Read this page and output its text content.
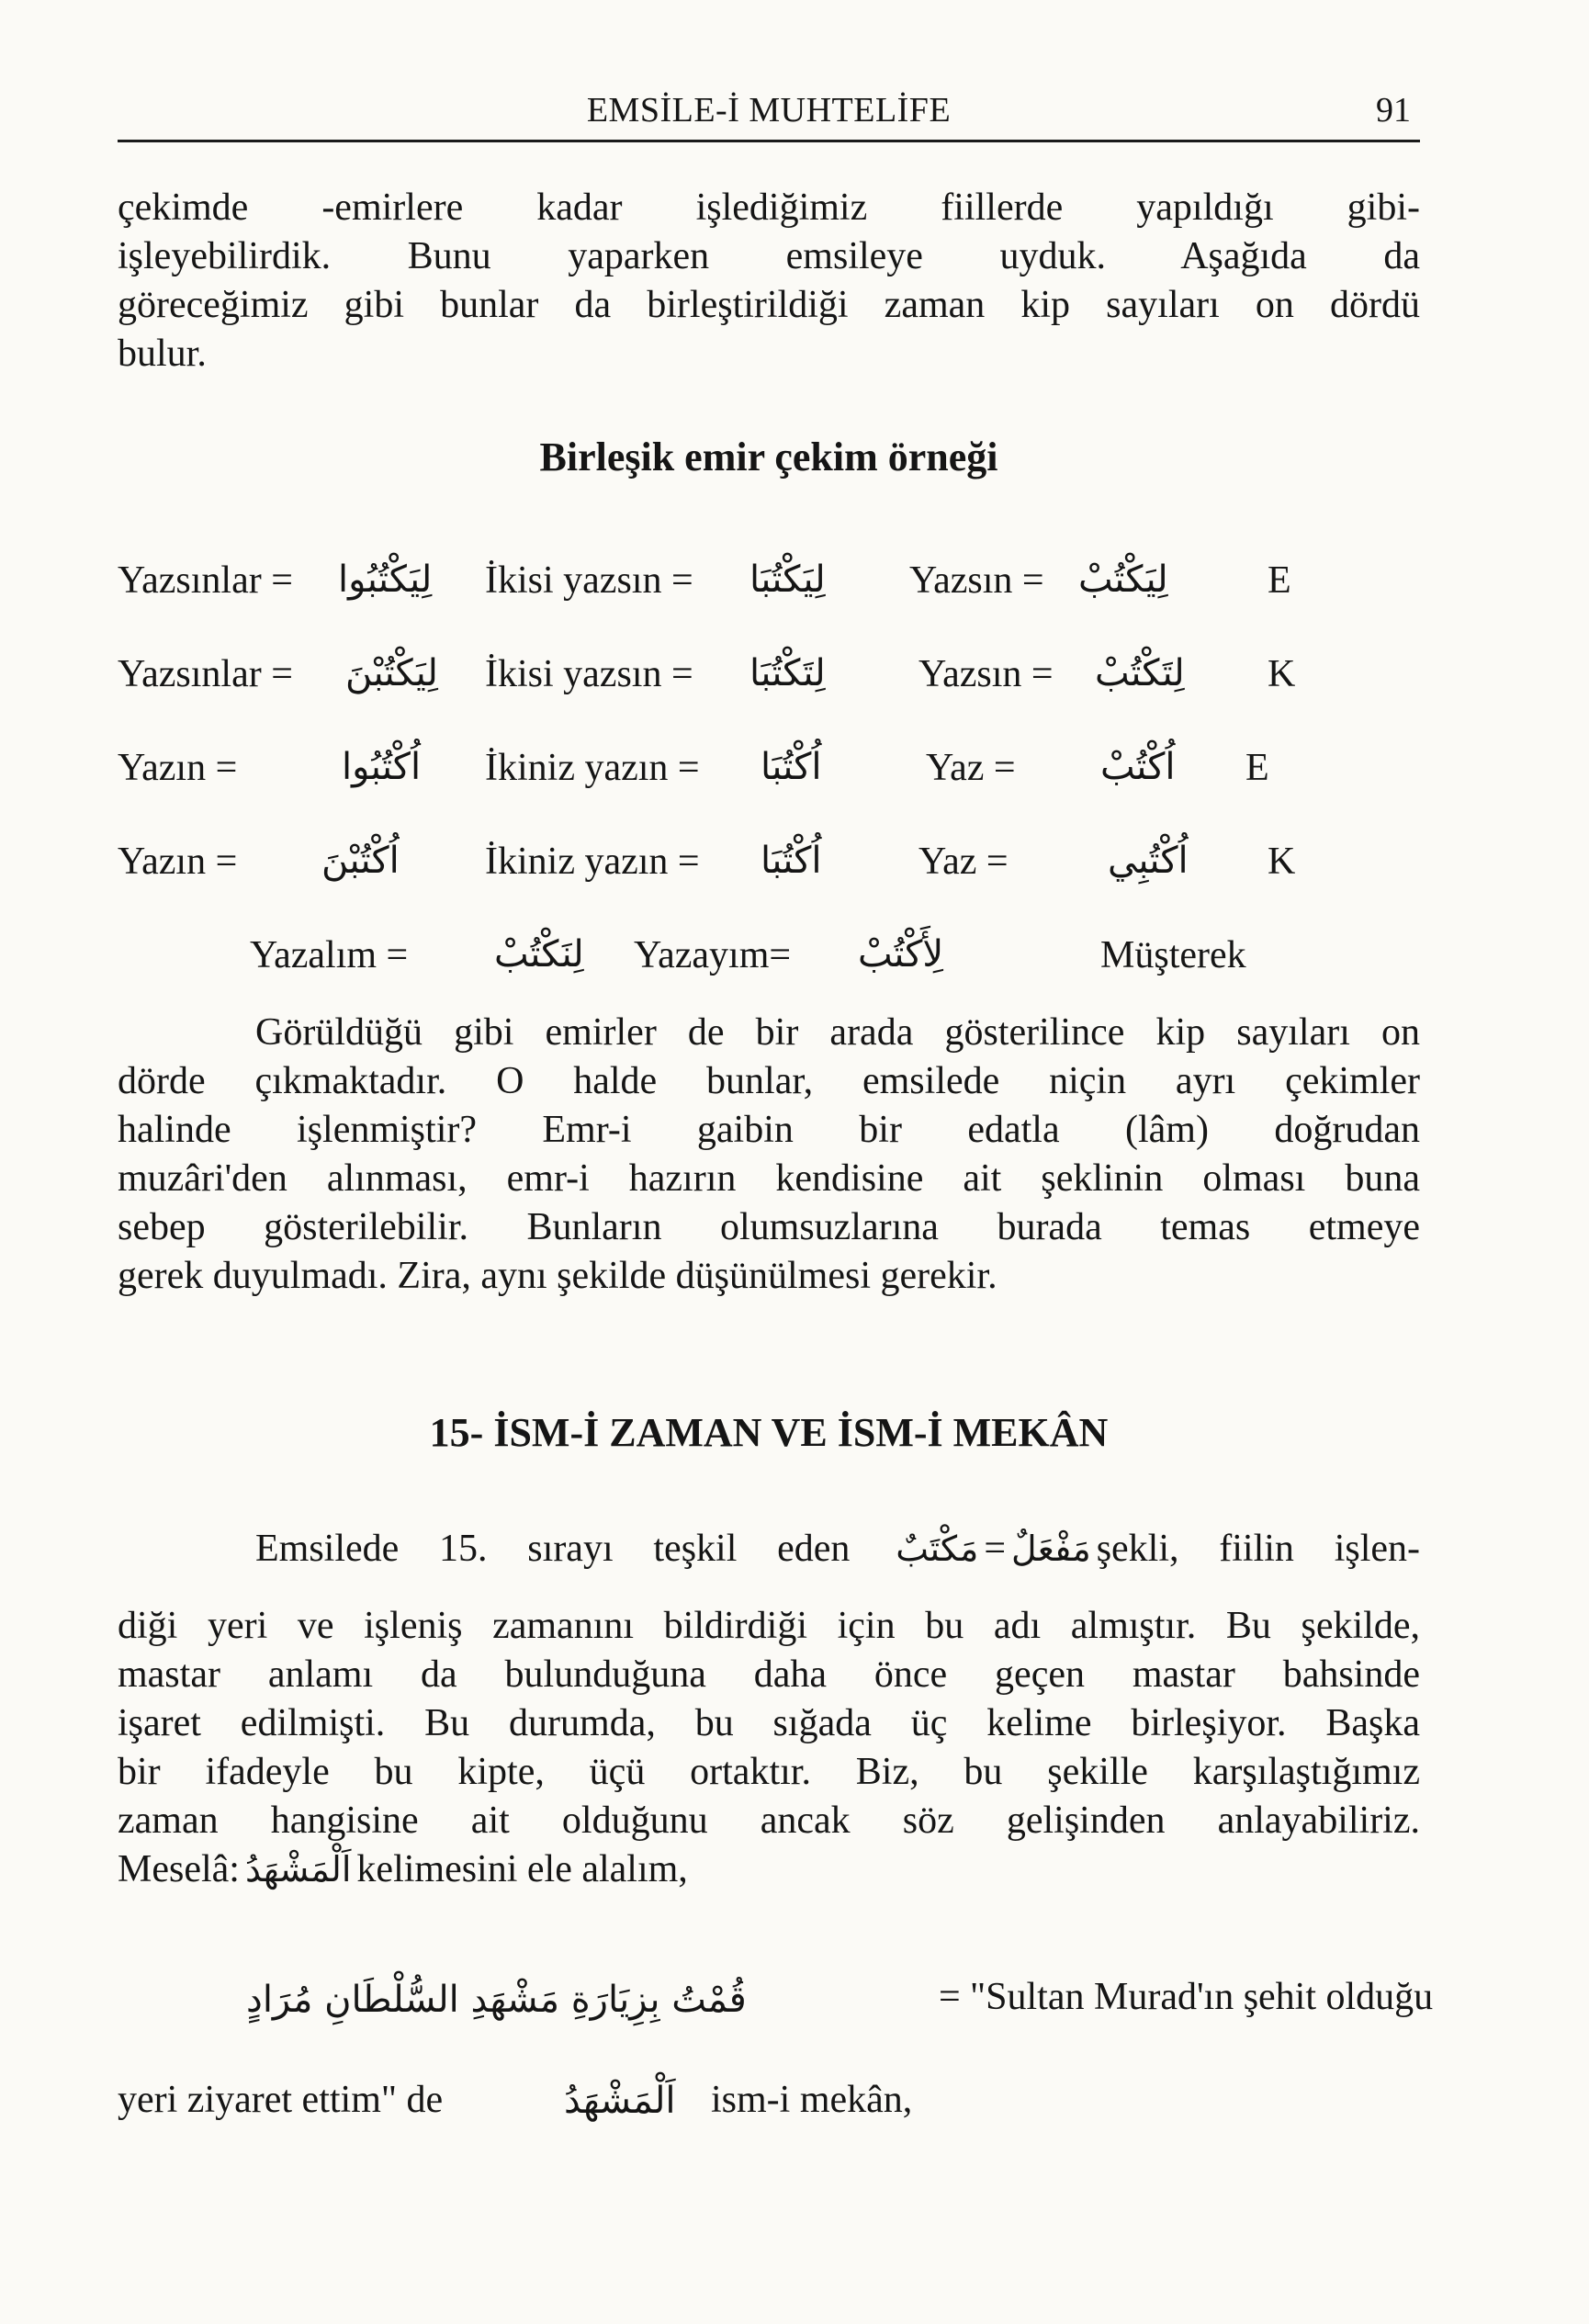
EMSİLE-İ MUHTELİFE	91
çekimde -emirlere kadar işlediğimiz fiillerde yapıldığı gibi-
işleyebilirdik. Bunu yaparken emsileye uyduk. Aşağıda da
göreceğimiz gibi bunlar da birleştirildiği zaman kip sayıları on dördü
bulur.
Birleşik emir çekim örneği
Yazsınlar = لِيَكْتُبُوا İkisi yazsın = لِيَكْتُبَا Yazsın = لِيَكْتُبْ	E
Yazsınlar = لِيَكْتُبْنَ İkisi yazsın = لِتَكْتُبَا Yazsın = لِتَكْتُبْ K
Yazın =	اُكْتُبُوا İkiniz yazın = اُكْتُبَا	Yaz = اُكْتُبْ E
Yazın = اُكْتُبْنَ İkiniz yazın = اُكْتُبَا	Yaz =	اُكْتُبِي K
Yazalım = لِنَكْتُبْ Yazayım= لِأَكْتُبْ	Müşterek
Görüldüğü gibi emirler de bir arada gösterilince kip sayıları on
dörde çıkmaktadır. O halde bunlar, emsilede niçin ayrı çekimler
halinde işlenmiştir? Emr-i gaibin bir edatla (lâm) doğrudan
muzâri'den alınması, emr-i hazırın kendisine ait şeklinin olması buna
sebep gösterilebilir. Bunların olumsuzlarına burada temas etmeye
gerek duyulmadı. Zira, aynı şekilde düşünülmesi gerekir.
15- İSM-İ ZAMAN VE İSM-İ MEKÂN
Emsilede 15. sırayı teşkil eden مَكْتَبٌ = مَفْعَلٌ şekli, fiilin işlen-
diği yeri ve işleniş zamanını bildirdiği için bu adı almıştır. Bu şekilde,
mastar anlamı da bulunduğuna daha önce geçen mastar bahsinde
işaret edilmişti. Bu durumda, bu sığada üç kelime birleşiyor. Başka
bir ifadeyle bu kipte, üçü ortaktır. Biz, bu şekille karşılaştığımız
zaman hangisine ait olduğunu ancak söz gelişinden anlayabiliriz.
Meselâ: اَلْمَشْهَدُ kelimesini ele alalım,
قُمْتُ بِزِيَارَةِ مَشْهَدِ السُّلْطَانِ مُرَادٍ	= "Sultan Murad'ın şehit olduğu
yeri ziyaret ettim" de	اَلْمَشْهَدُ ism-i mekân,
